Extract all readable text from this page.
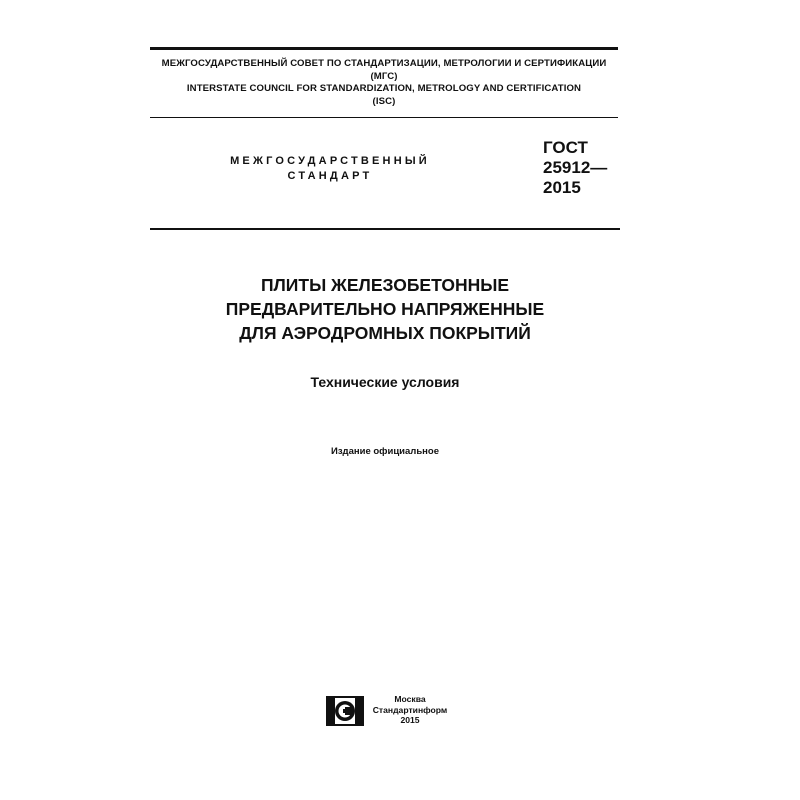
МЕЖГОСУДАРСТВЕННЫЙ СОВЕТ ПО СТАНДАРТИЗАЦИИ, МЕТРОЛОГИИ И СЕРТИФИКАЦИИ
(МГС)
INTERSTATE COUNCIL FOR STANDARDIZATION, METROLOGY AND CERTIFICATION
(ISC)
МЕЖГОСУДАРСТВЕННЫЙ
СТАНДАРТ
ГОСТ
25912—
2015
ПЛИТЫ ЖЕЛЕЗОБЕТОННЫЕ
ПРЕДВАРИТЕЛЬНО НАПРЯЖЕННЫЕ
ДЛЯ АЭРОДРОМНЫХ ПОКРЫТИЙ
Технические условия
Издание официальное
Москва
Стандартинформ
2015
